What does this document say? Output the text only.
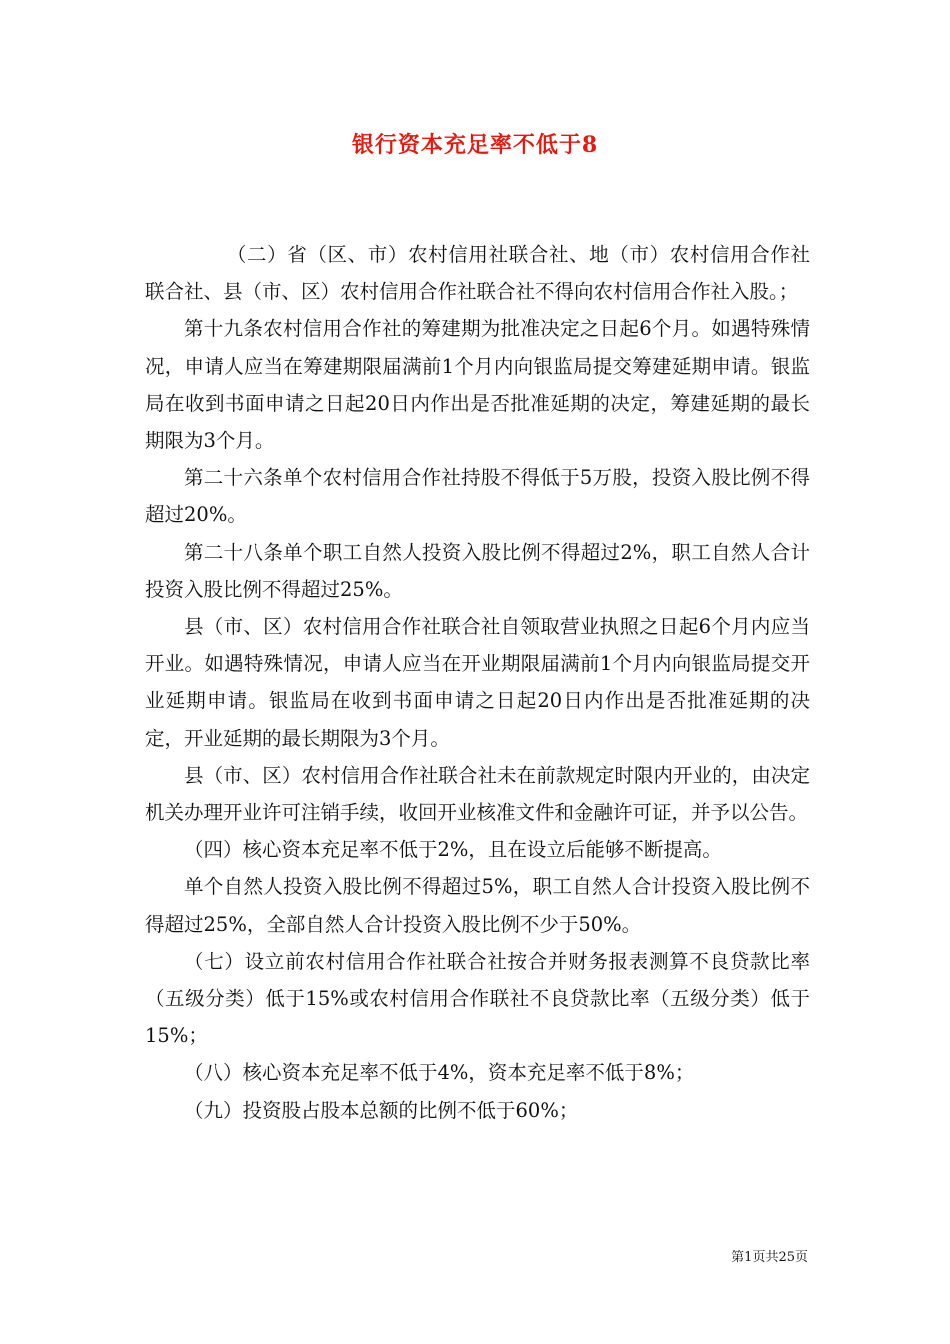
银行资本充足率不低于8

（二）省（区、市）农村信用社联合社、地（市）农村信用合作社联合社、县（市、区）农村信用合作社联合社不得向农村信用合作社入股。；

第十九条农村信用合作社的筹建期为批准决定之日起6个月。如遇特殊情况，申请人应当在筹建期限届满前1个月内向银监局提交筹建延期申请。银监局在收到书面申请之日起20日内作出是否批准延期的决定，筹建延期的最长期限为3个月。

第二十六条单个农村信用合作社持股不得低于5万股，投资入股比例不得超过20%。

第二十八条单个职工自然人投资入股比例不得超过2%，职工自然人合计投资入股比例不得超过25%。

县（市、区）农村信用合作社联合社自领取营业执照之日起6个月内应当开业。如遇特殊情况，申请人应当在开业期限届满前1个月内向银监局提交开业延期申请。银监局在收到书面申请之日起20日内作出是否批准延期的决定，开业延期的最长期限为3个月。

县（市、区）农村信用合作社联合社未在前款规定时限内开业的，由决定机关办理开业许可注销手续，收回开业核准文件和金融许可证，并予以公告。

（四）核心资本充足率不低于2%，且在设立后能够不断提高。

单个自然人投资入股比例不得超过5%，职工自然人合计投资入股比例不得超过25%，全部自然人合计投资入股比例不少于50%。

（七）设立前农村信用合作社联合社按合并财务报表测算不良贷款比率（五级分类）低于15%或农村信用合作联社不良贷款比率（五级分类）低于15%；

（八）核心资本充足率不低于4%，资本充足率不低于8%；

（九）投资股占股本总额的比例不低于60%；

第1页共25页
